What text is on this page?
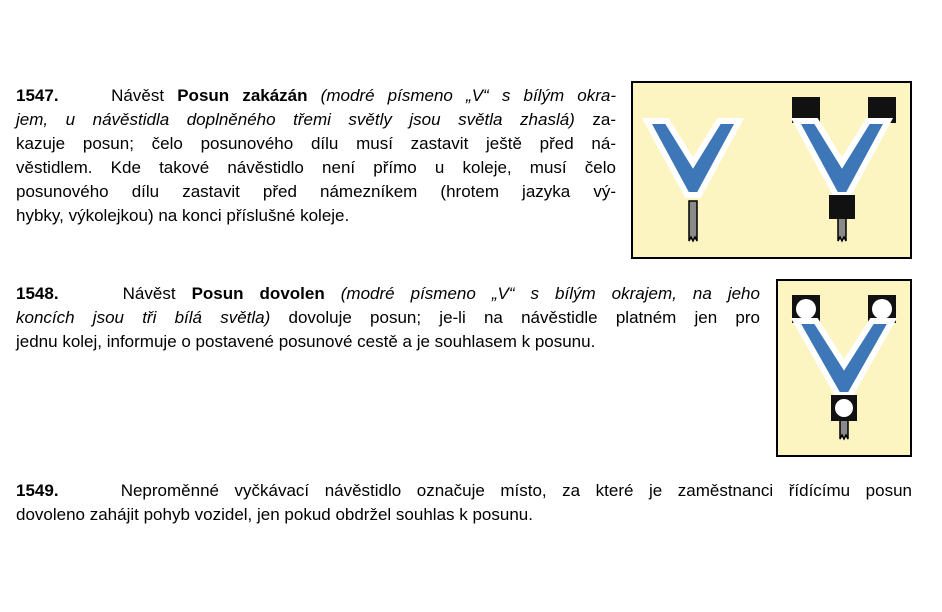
1547.	Návěst Posun zakázán (modré písmeno „V“ s bílým okra-
jem, u návěstidla doplněného třemi světly jsou světla zhaslá) za-
kazuje posun; čelo posunového dílu musí zastavit ještě před ná-
věstidlem. Kde takové návěstidlo není přímo u koleje, musí čelo
posunového dílu zastavit před námezníkem (hrotem jazyka vý-
hybky, výkolejkou) na konci příslušné koleje.
1548.	Návěst Posun dovolen (modré písmeno „V“ s bílým okrajem, na jeho
koncích jsou tři bílá světla) dovoluje posun; je-li na návěstidle platném jen pro
jednu kolej, informuje o postavené posunové cestě a je souhlasem k posunu.
1549.	Neproměnné vyčkávací návěstidlo označuje místo, za které je zaměstnanci řídícímu posun
dovoleno zahájit pohyb vozidel, jen pokud obdržel souhlas k posunu.
